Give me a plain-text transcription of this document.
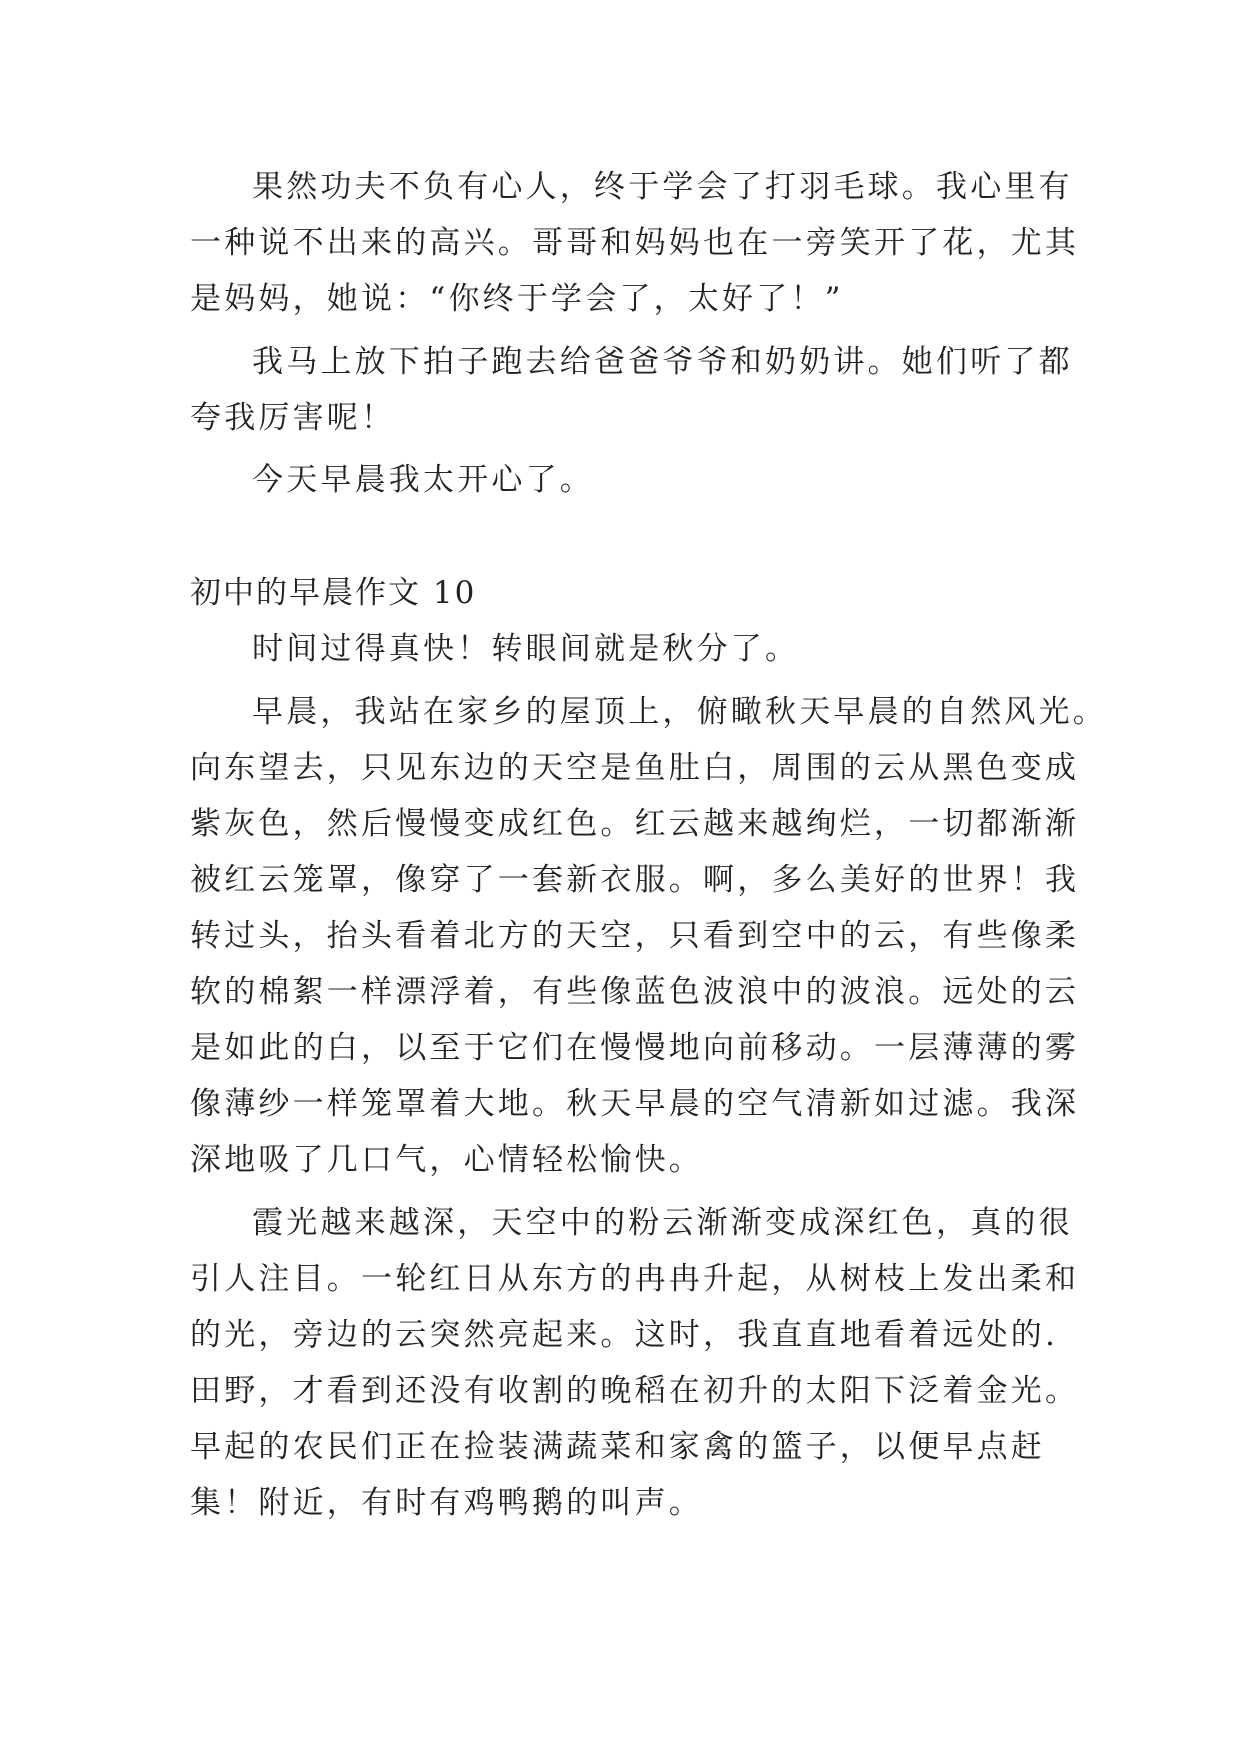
果然功夫不负有心人，终于学会了打羽毛球。我心里有
一种说不出来的高兴。哥哥和妈妈也在一旁笑开了花，尤其
是妈妈，她说：“你终于学会了，太好了！”
我马上放下拍子跑去给爸爸爷爷和奶奶讲。她们听了都
夸我厉害呢！
今天早晨我太开心了。
初中的早晨作文 10
时间过得真快！转眼间就是秋分了。
早晨，我站在家乡的屋顶上，俯瞰秋天早晨的自然风光。
向东望去，只见东边的天空是鱼肚白，周围的云从黑色变成
紫灰色，然后慢慢变成红色。红云越来越绚烂，一切都渐渐
被红云笼罩，像穿了一套新衣服。啊，多么美好的世界！我
转过头，抬头看着北方的天空，只看到空中的云，有些像柔
软的棉絮一样漂浮着，有些像蓝色波浪中的波浪。远处的云
是如此的白，以至于它们在慢慢地向前移动。一层薄薄的雾
像薄纱一样笼罩着大地。秋天早晨的空气清新如过滤。我深
深地吸了几口气，心情轻松愉快。
霞光越来越深，天空中的粉云渐渐变成深红色，真的很
引人注目。一轮红日从东方的冉冉升起，从树枝上发出柔和
的光，旁边的云突然亮起来。这时，我直直地看着远处的.
田野，才看到还没有收割的晚稻在初升的太阳下泛着金光。
早起的农民们正在捡装满蔬菜和家禽的篮子，以便早点赶
集！附近，有时有鸡鸭鹅的叫声。
